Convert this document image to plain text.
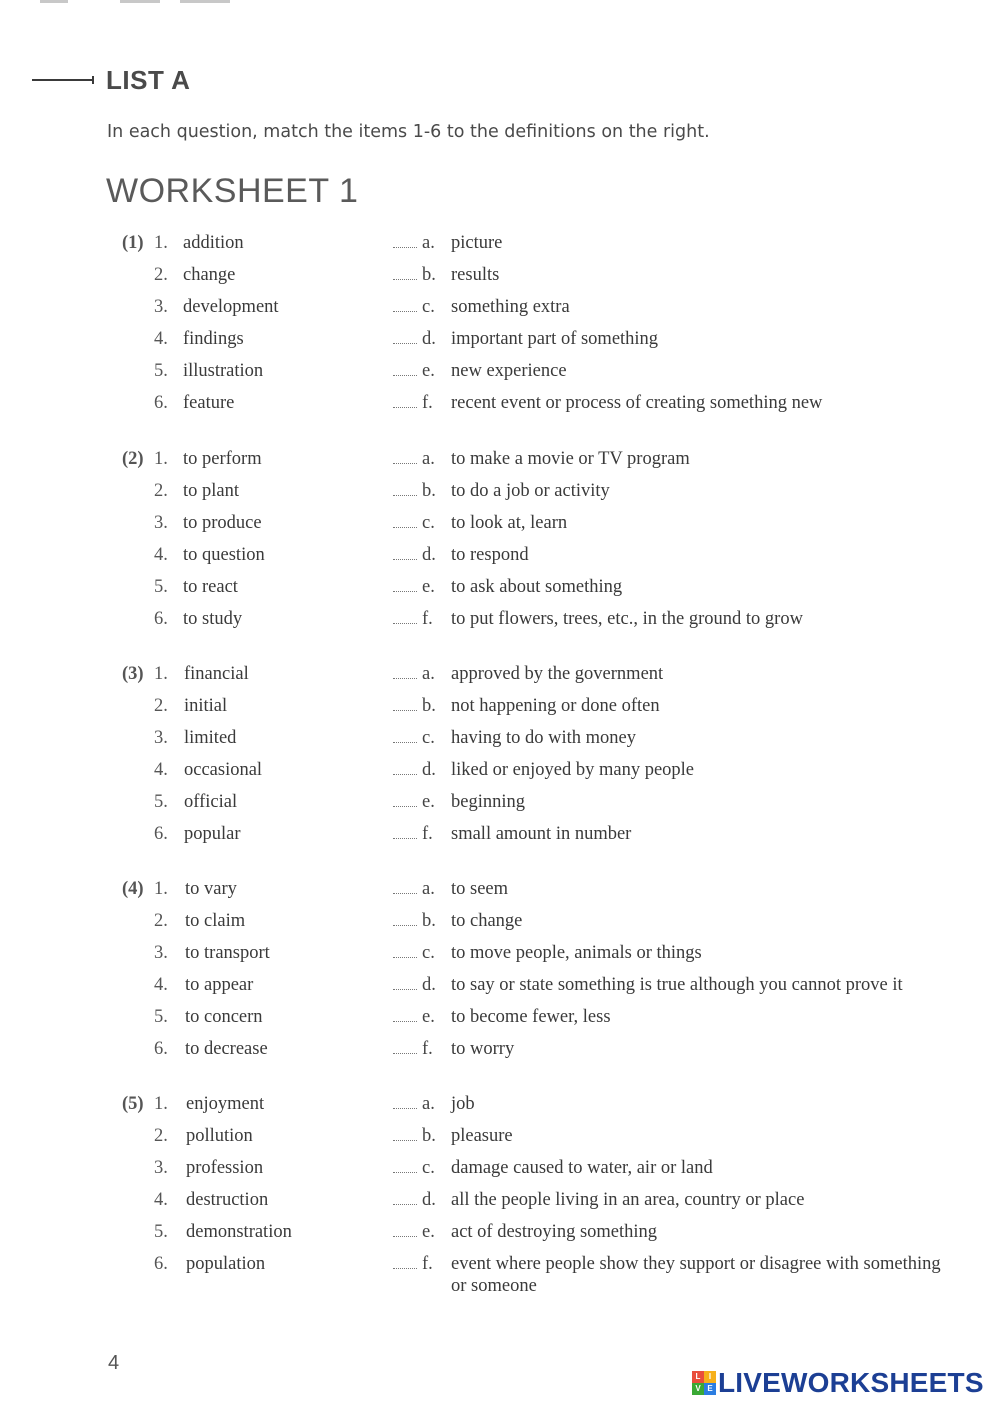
LIST A
In each question, match the items 1-6 to the definitions on the right.
WORKSHEET 1
(1) 1. addition	a. picture
2. change	b. results
3. development	c. something extra
4. findings	d. important part of something
5. illustration	e. new experience
6. feature	f. recent event or process of creating something new
(2) 1. to perform	a. to make a movie or TV program
2. to plant	b. to do a job or activity
3. to produce	c. to look at, learn
4. to question	d. to respond
5. to react	e. to ask about something
6. to study	f. to put flowers, trees, etc., in the ground to grow
(3) 1. financial	a. approved by the government
2. initial	b. not happening or done often
3. limited	c. having to do with money
4. occasional	d. liked or enjoyed by many people
5. official	e. beginning
6. popular	f. small amount in number
(4) 1. to vary	a. to seem
2. to claim	b. to change
3. to transport	c. to move people, animals or things
4. to appear	d. to say or state something is true although you cannot prove it
5. to concern	e. to become fewer, less
6. to decrease	f. to worry
(5) 1. enjoyment	a. job
2. pollution	b. pleasure
3. profession	c. damage caused to water, air or land
4. destruction	d. all the people living in an area, country or place
5. demonstration	e. act of destroying something
6. population	f. event where people show they support or disagree with something or someone
4
L	I
V E LIVEWORKSHEETS
